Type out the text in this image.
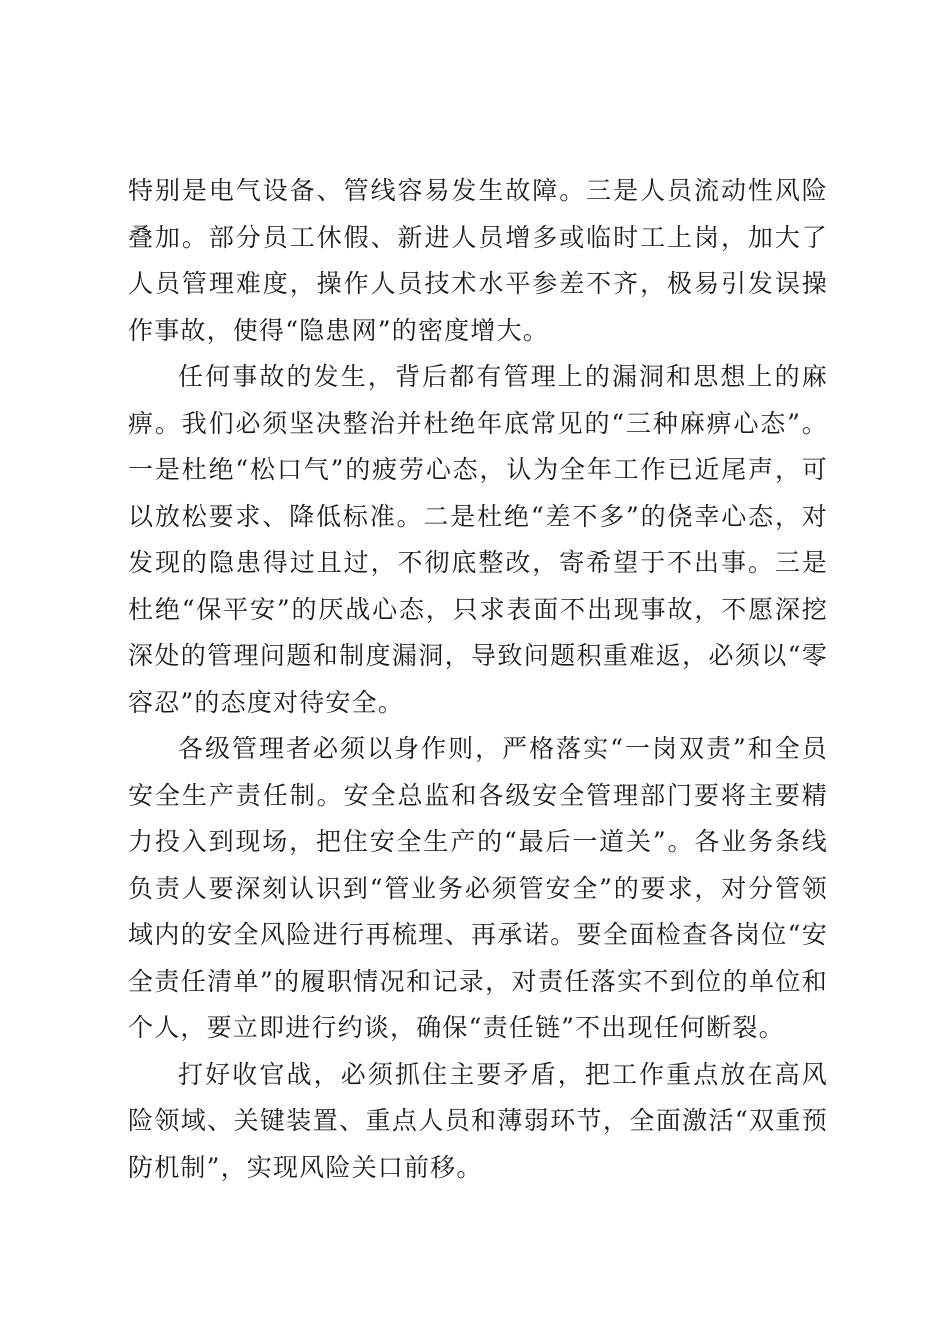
特别是电气设备、管线容易发生故障。三是人员流动性风险叠加。部分员工休假、新进人员增多或临时工上岗，加大了人员管理难度，操作人员技术水平参差不齐，极易引发误操作事故，使得“隐患网”的密度增大。

任何事故的发生，背后都有管理上的漏洞和思想上的麻痹。我们必须坚决整治并杜绝年底常见的“三种麻痹心态”。一是杜绝“松口气”的疲劳心态，认为全年工作已近尾声，可以放松要求、降低标准。二是杜绝“差不多”的侥幸心态，对发现的隐患得过且过，不彻底整改，寄希望于不出事。三是杜绝“保平安”的厌战心态，只求表面不出现事故，不愿深挖深处的管理问题和制度漏洞，导致问题积重难返，必须以“零容忍”的态度对待安全。

各级管理者必须以身作则，严格落实“一岗双责”和全员安全生产责任制。安全总监和各级安全管理部门要将主要精力投入到现场，把住安全生产的“最后一道关”。各业务条线负责人要深刻认识到“管业务必须管安全”的要求，对分管领域内的安全风险进行再梳理、再承诺。要全面检查各岗位“安全责任清单”的履职情况和记录，对责任落实不到位的单位和个人，要立即进行约谈，确保“责任链”不出现任何断裂。

打好收官战，必须抓住主要矛盾，把工作重点放在高风险领域、关键装置、重点人员和薄弱环节，全面激活“双重预防机制”，实现风险关口前移。
